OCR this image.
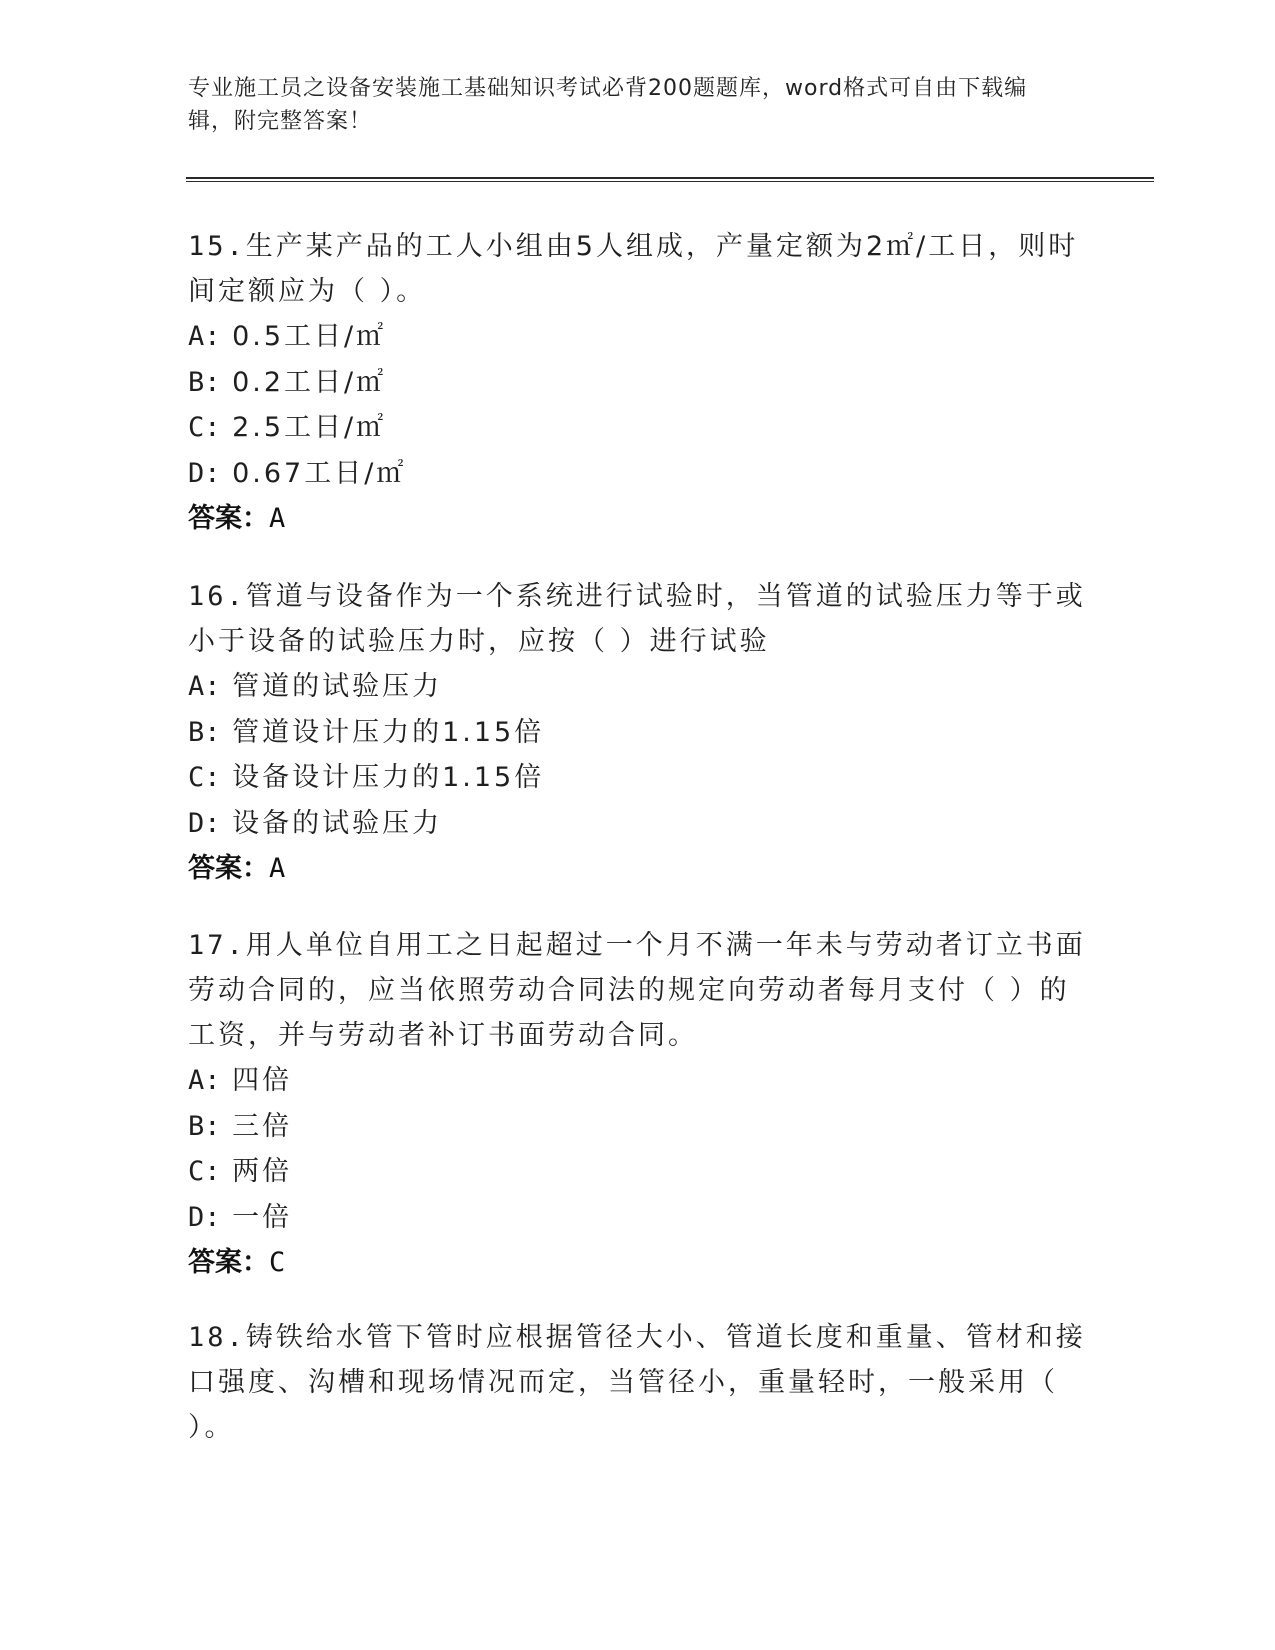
专业施工员之设备安装施工基础知识考试必背200题题库，word格式可自由下载编辑，附完整答案！
15.生产某产品的工人小组由5人组成，产量定额为2㎡/工日，则时间定额应为（ ）。
A: 0.5工日/㎡
B: 0.2工日/㎡
C: 2.5工日/㎡
D: 0.67工日/㎡
答案：A
16.管道与设备作为一个系统进行试验时，当管道的试验压力等于或小于设备的试验压力时，应按（ ）进行试验
A: 管道的试验压力
B: 管道设计压力的1.15倍
C: 设备设计压力的1.15倍
D: 设备的试验压力
答案：A
17.用人单位自用工之日起超过一个月不满一年未与劳动者订立书面劳动合同的，应当依照劳动合同法的规定向劳动者每月支付（ ）的工资，并与劳动者补订书面劳动合同。
A: 四倍
B: 三倍
C: 两倍
D: 一倍
答案：C
18.铸铁给水管下管时应根据管径大小、管道长度和重量、管材和接口强度、沟槽和现场情况而定，当管径小，重量轻时，一般采用（ ）。
